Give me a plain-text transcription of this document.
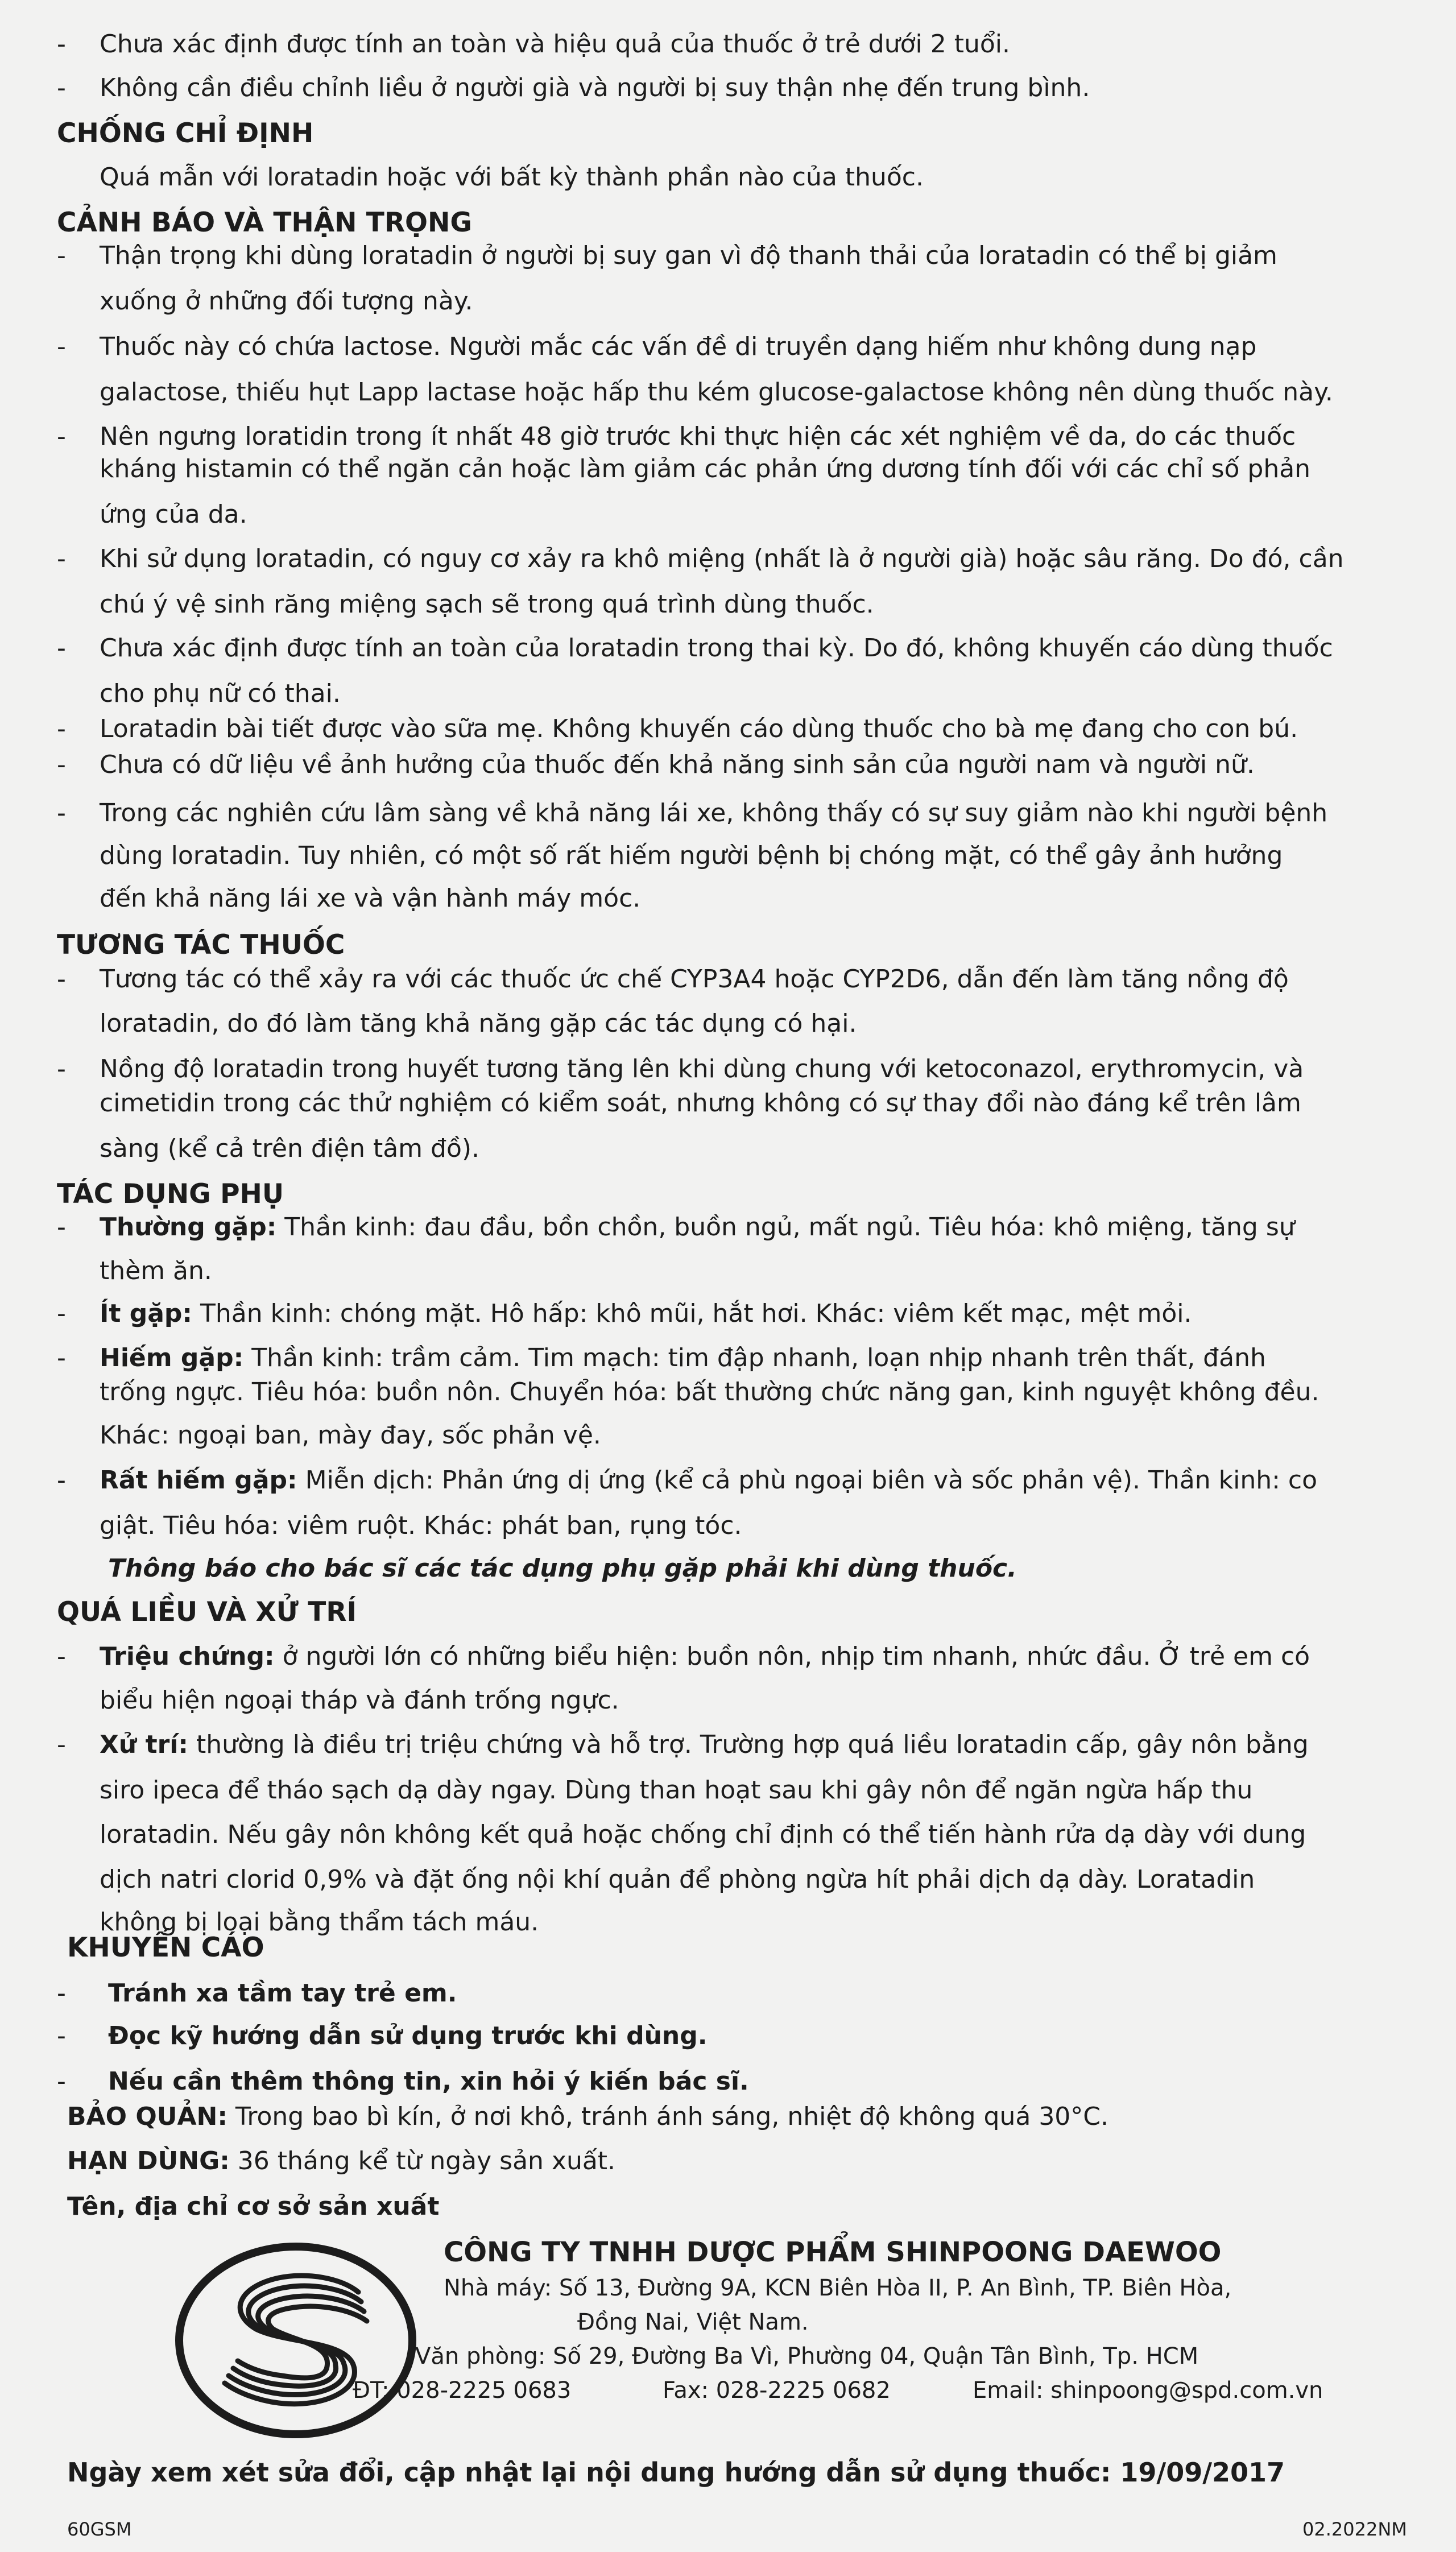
- Chưa xác định được tính an toàn và hiệu quả của thuốc ở trẻ dưới 2 tuổi.
- Không cần điều chỉnh liều ở người già và người bị suy thận nhẹ đến trung bình.
CHỐNG CHỈ ĐỊNH
Quá mẫn với loratadin hoặc với bất kỳ thành phần nào của thuốc.
CẢNH BÁO VÀ THẬN TRỌNG
- Thận trọng khi dùng loratadin ở người bị suy gan vì độ thanh thải của loratadin có thể bị giảm
xuống ở những đối tượng này.
- Thuốc này có chứa lactose. Người mắc các vấn đề di truyền dạng hiếm như không dung nạp
galactose, thiếu hụt Lapp lactase hoặc hấp thu kém glucose-galactose không nên dùng thuốc này.
- Nên ngưng loratidin trong ít nhất 48 giờ trước khi thực hiện các xét nghiệm về da, do các thuốc
kháng histamin có thể ngăn cản hoặc làm giảm các phản ứng dương tính đối với các chỉ số phản
ứng của da.
- Khi sử dụng loratadin, có nguy cơ xảy ra khô miệng (nhất là ở người già) hoặc sâu răng. Do đó, cần
chú ý vệ sinh răng miệng sạch sẽ trong quá trình dùng thuốc.
- Chưa xác định được tính an toàn của loratadin trong thai kỳ. Do đó, không khuyến cáo dùng thuốc
cho phụ nữ có thai.
- Loratadin bài tiết được vào sữa mẹ. Không khuyến cáo dùng thuốc cho bà mẹ đang cho con bú.
- Chưa có dữ liệu về ảnh hưởng của thuốc đến khả năng sinh sản của người nam và người nữ.
- Trong các nghiên cứu lâm sàng về khả năng lái xe, không thấy có sự suy giảm nào khi người bệnh
dùng loratadin. Tuy nhiên, có một số rất hiếm người bệnh bị chóng mặt, có thể gây ảnh hưởng
đến khả năng lái xe và vận hành máy móc.
TƯƠNG TÁC THUỐC
- Tương tác có thể xảy ra với các thuốc ức chế CYP3A4 hoặc CYP2D6, dẫn đến làm tăng nồng độ
loratadin, do đó làm tăng khả năng gặp các tác dụng có hại.
- Nồng độ loratadin trong huyết tương tăng lên khi dùng chung với ketoconazol, erythromycin, và
cimetidin trong các thử nghiệm có kiểm soát, nhưng không có sự thay đổi nào đáng kể trên lâm
sàng (kể cả trên điện tâm đồ).
TÁC DỤNG PHỤ
- Thường gặp: Thần kinh: đau đầu, bồn chồn, buồn ngủ, mất ngủ. Tiêu hóa: khô miệng, tăng sự
thèm ăn.
- Ít gặp: Thần kinh: chóng mặt. Hô hấp: khô mũi, hắt hơi. Khác: viêm kết mạc, mệt mỏi.
- Hiếm gặp: Thần kinh: trầm cảm. Tim mạch: tim đập nhanh, loạn nhịp nhanh trên thất, đánh
trống ngực. Tiêu hóa: buồn nôn. Chuyển hóa: bất thường chức năng gan, kinh nguyệt không đều.
Khác: ngoại ban, mày đay, sốc phản vệ.
- Rất hiếm gặp: Miễn dịch: Phản ứng dị ứng (kể cả phù ngoại biên và sốc phản vệ). Thần kinh: co
giật. Tiêu hóa: viêm ruột. Khác: phát ban, rụng tóc.
Thông báo cho bác sĩ các tác dụng phụ gặp phải khi dùng thuốc.
QUÁ LIỀU VÀ XỬ TRÍ
- Triệu chứng: ở người lớn có những biểu hiện: buồn nôn, nhịp tim nhanh, nhức đầu. Ở trẻ em có
biểu hiện ngoại tháp và đánh trống ngực.
- Xử trí: thường là điều trị triệu chứng và hỗ trợ. Trường hợp quá liều loratadin cấp, gây nôn bằng
siro ipeca để tháo sạch dạ dày ngay. Dùng than hoạt sau khi gây nôn để ngăn ngừa hấp thu
loratadin. Nếu gây nôn không kết quả hoặc chống chỉ định có thể tiến hành rửa dạ dày với dung
dịch natri clorid 0,9% và đặt ống nội khí quản để phòng ngừa hít phải dịch dạ dày. Loratadin
không bị loại bằng thẩm tách máu.
KHUYẾN CÁO
- Tránh xa tầm tay trẻ em.
- Đọc kỹ hướng dẫn sử dụng trước khi dùng.
- Nếu cần thêm thông tin, xin hỏi ý kiến bác sĩ.
BẢO QUẢN: Trong bao bì kín, ở nơi khô, tránh ánh sáng, nhiệt độ không quá 30°C.
HẠN DÙNG: 36 tháng kể từ ngày sản xuất.
Tên, địa chỉ cơ sở sản xuất
CÔNG TY TNHH DƯỢC PHẨM SHINPOONG DAEWOO
Nhà máy: Số 13, Đường 9A, KCN Biên Hòa II, P. An Bình, TP. Biên Hòa,
Đồng Nai, Việt Nam.
Văn phòng: Số 29, Đường Ba Vì, Phường 04, Quận Tân Bình, Tp. HCM
ĐT: 028-2225 0683	Fax: 028-2225 0682	Email: shinpoong@spd.com.vn
Ngày xem xét sửa đổi, cập nhật lại nội dung hướng dẫn sử dụng thuốc: 19/09/2017
60GSM	02.2022NM
